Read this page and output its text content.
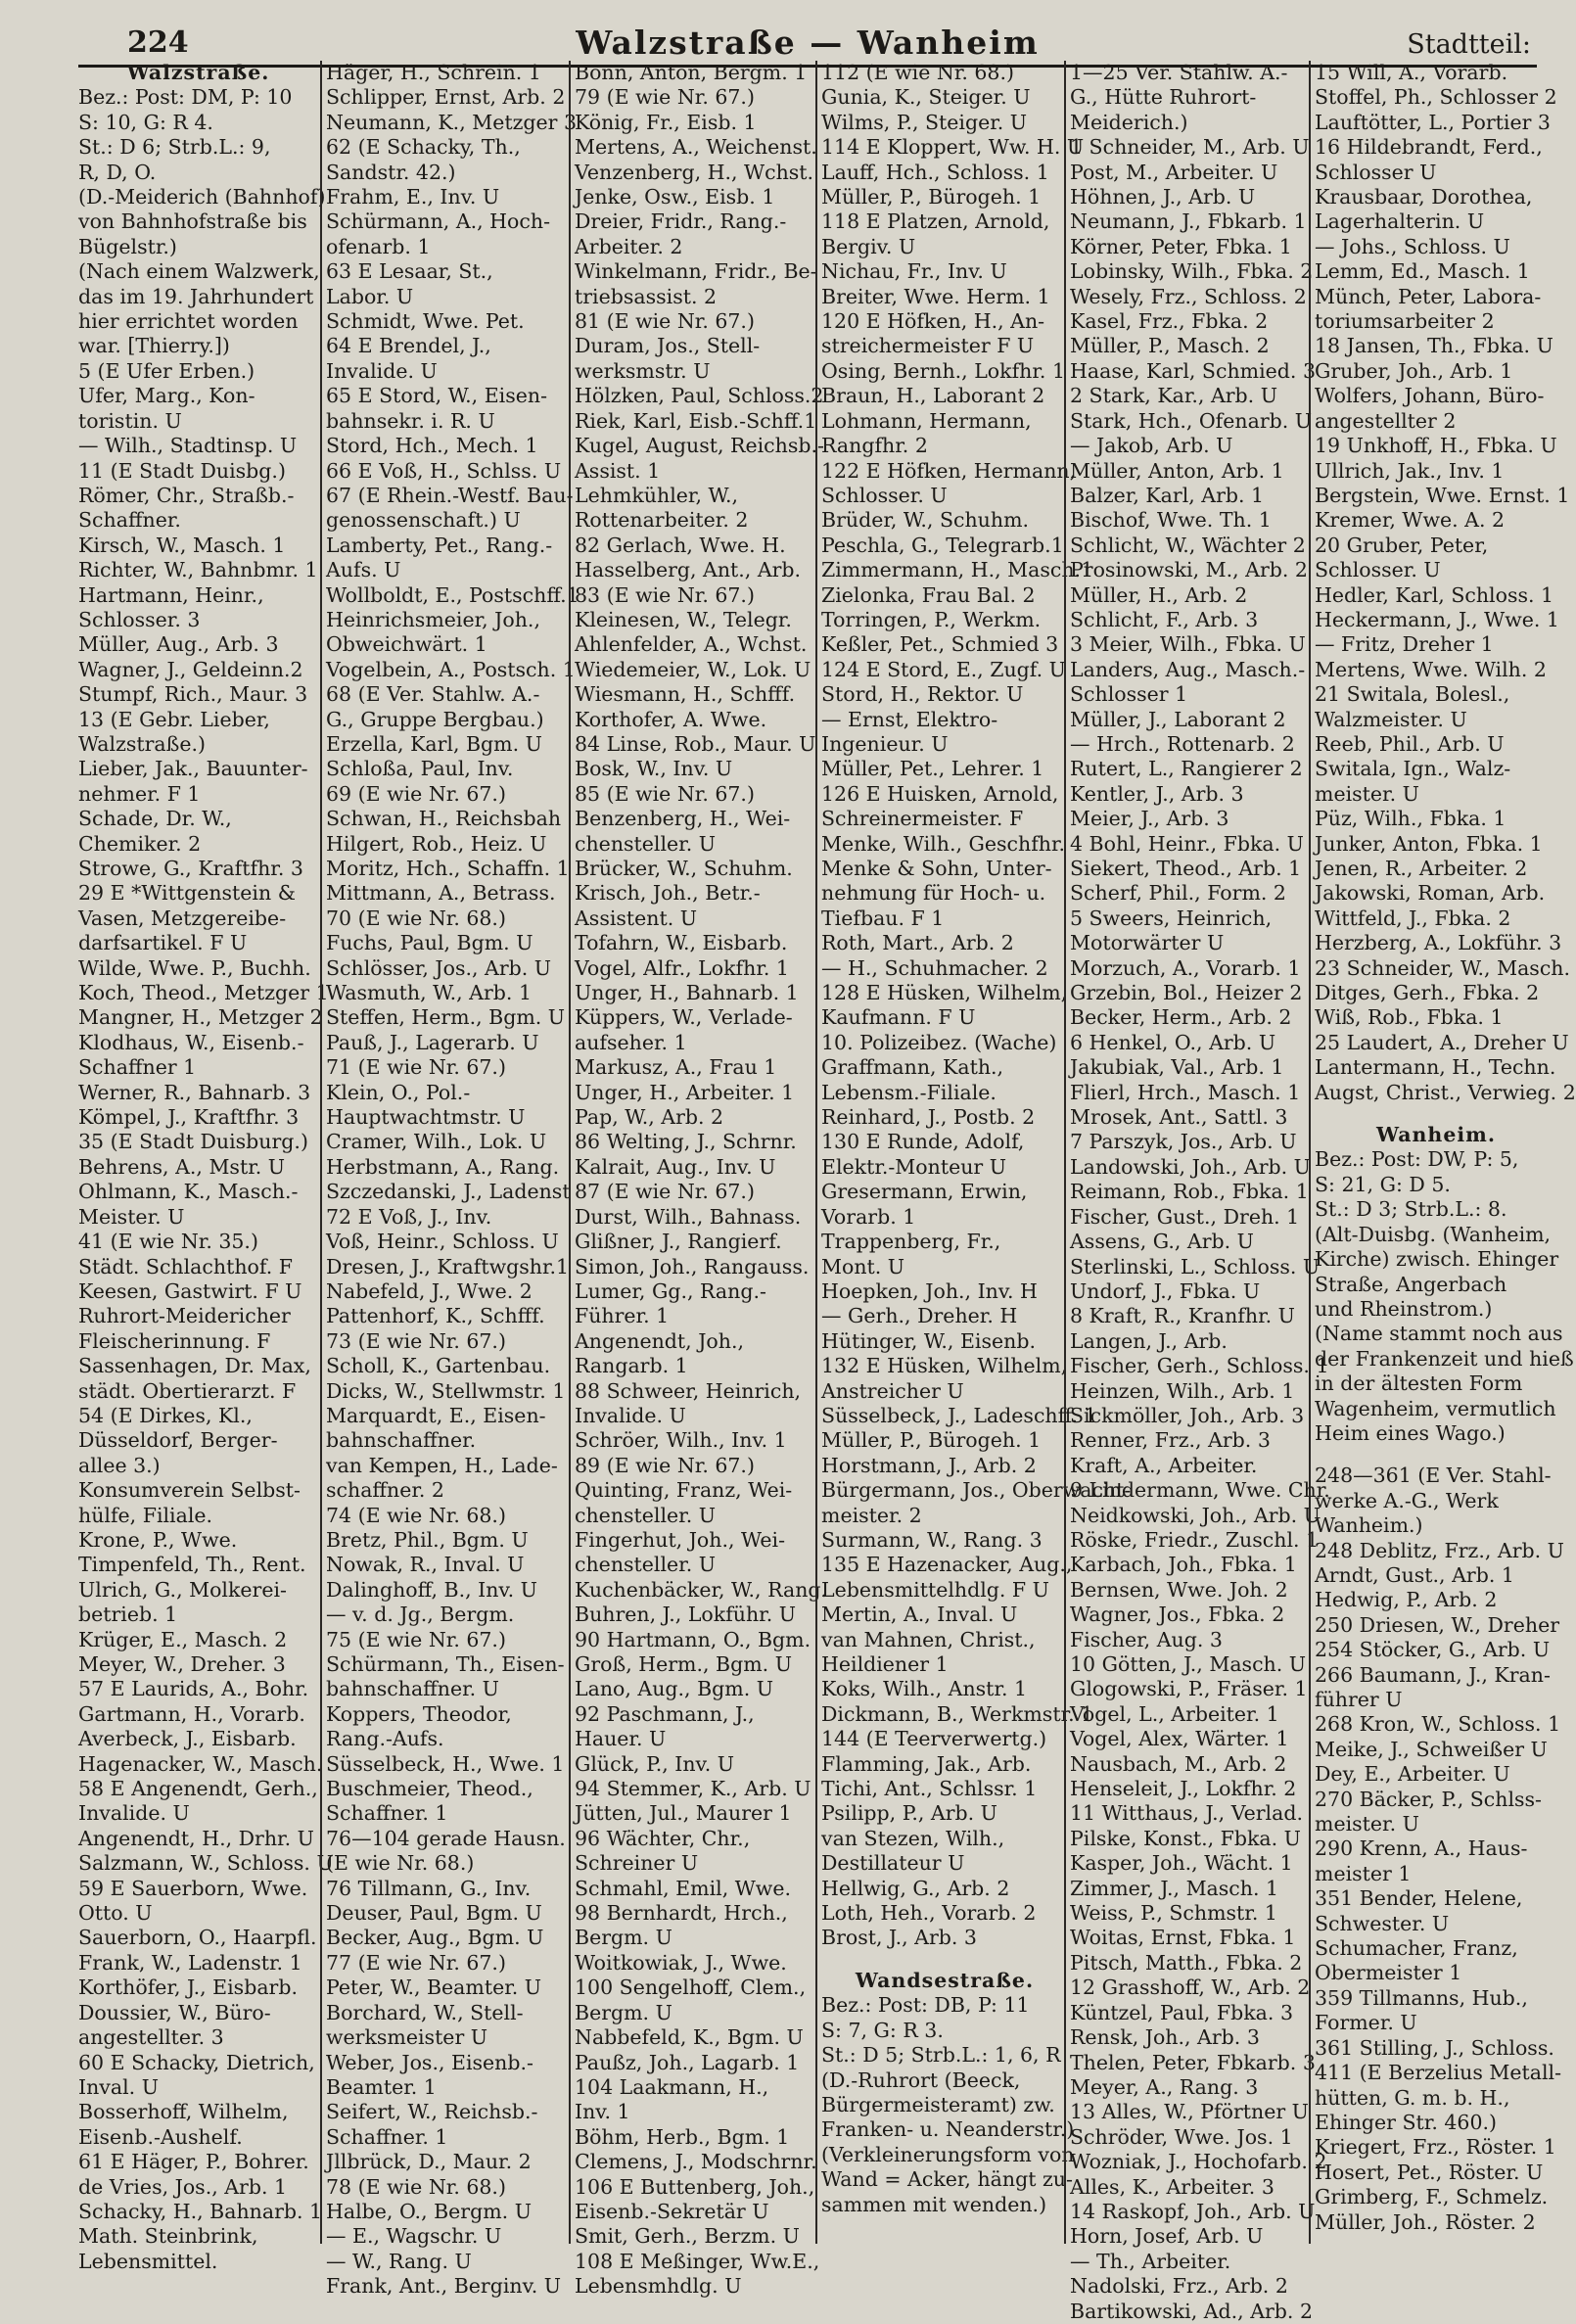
224	Walzstraße — Wanheim	Stadtteil:
Walzstraße.
Bez.: Post: DM, P: 10
S: 10, G: R 4.
St.: D 6; Strb.L.: 9,
R, D, O.
(D.-Meiderich (Bahnhof)
von Bahnhofstraße bis
Bügelstr.)
(Nach einem Walzwerk,
das im 19. Jahrhundert
hier errichtet worden
war. [Thierry.])
5 (E Ufer Erben.)
Ufer, Marg., Kon-
toristin. U
— Wilh., Stadtinsp. U
11 (E Stadt Duisbg.)
Römer, Chr., Straßb.-
Schaffner.
Kirsch, W., Masch. 1
Richter, W., Bahnbmr. 1
Hartmann, Heinr.,
Schlosser. 3
Müller, Aug., Arb. 3
Wagner, J., Geldeinn.2
Stumpf, Rich., Maur. 3
13 (E Gebr. Lieber,
Walzstraße.)
Lieber, Jak., Bauunter-
nehmer. F 1
Schade, Dr. W.,
Chemiker. 2
Strowe, G., Kraftfhr. 3
29 E *Wittgenstein &
Vasen, Metzgereibe-
darfsartikel. F U
Wilde, Wwe. P., Buchh.
Koch, Theod., Metzger 1
Mangner, H., Metzger 2
Klodhaus, W., Eisenb.-
Schaffner 1
Werner, R., Bahnarb. 3
Kömpel, J., Kraftfhr. 3
35 (E Stadt Duisburg.)
Behrens, A., Mstr. U
Ohlmann, K., Masch.-
Meister. U
41 (E wie Nr. 35.)
Städt. Schlachthof. F
Keesen, Gastwirt. F U
Ruhrort-Meidericher
Fleischerinnung. F
Sassenhagen, Dr. Max,
städt. Obertierarzt. F
54 (E Dirkes, Kl.,
Düsseldorf, Berger-
allee 3.)
Konsumverein Selbst-
hülfe, Filiale.
Krone, P., Wwe.
Timpenfeld, Th., Rent.
Ulrich, G., Molkerei-
betrieb. 1
Krüger, E., Masch. 2
Meyer, W., Dreher. 3
57 E Laurids, A., Bohr.
Gartmann, H., Vorarb.
Averbeck, J., Eisbarb.
Hagenacker, W., Masch.
58 E Angenendt, Gerh.,
Invalide. U
Angenendt, H., Drhr. U
Salzmann, W., Schloss. U
59 E Sauerborn, Wwe.
Otto. U
Sauerborn, O., Haarpfl.
Frank, W., Ladenstr. 1
Korthöfer, J., Eisbarb.
Doussier, W., Büro-
angestellter. 3
60 E Schacky, Dietrich,
Inval. U
Bosserhoff, Wilhelm,
Eisenb.-Aushelf.
61 E Häger, P., Bohrer.
de Vries, Jos., Arb. 1
Schacky, H., Bahnarb. 1
Math. Steinbrink,
Lebensmittel.
Häger, H., Schrein. 1
Schlipper, Ernst, Arb. 2
Neumann, K., Metzger 3
62 (E Schacky, Th.,
Sandstr. 42.)
Frahm, E., Inv. U
Schürmann, A., Hoch-
ofenarb. 1
63 E Lesaar, St.,
Labor. U
Schmidt, Wwe. Pet.
64 E Brendel, J.,
Invalide. U
65 E Stord, W., Eisen-
bahnsekr. i. R. U
Stord, Hch., Mech. 1
66 E Voß, H., Schlss. U
67 (E Rhein.-Westf. Bau-
genossenschaft.) U
Lamberty, Pet., Rang.-
Aufs. U
Wollboldt, E., Postschff.1
Heinrichsmeier, Joh.,
Obweichwärt. 1
Vogelbein, A., Postsch. 1
68 (E Ver. Stahlw. A.-
G., Gruppe Bergbau.)
Erzella, Karl, Bgm. U
Schloßa, Paul, Inv.
69 (E wie Nr. 67.)
Schwan, H., Reichsbah
Hilgert, Rob., Heiz. U
Moritz, Hch., Schaffn. 1
Mittmann, A., Betrass.
70 (E wie Nr. 68.)
Fuchs, Paul, Bgm. U
Schlösser, Jos., Arb. U
Wasmuth, W., Arb. 1
Steffen, Herm., Bgm. U
Pauß, J., Lagerarb. U
71 (E wie Nr. 67.)
Klein, O., Pol.-
Hauptwachtmstr. U
Cramer, Wilh., Lok. U
Herbstmann, A., Rang.
Szczedanski, J., Ladenst
72 E Voß, J., Inv.
Voß, Heinr., Schloss. U
Dresen, J., Kraftwgshr.1
Nabefeld, J., Wwe. 2
Pattenhorf, K., Schfff.
73 (E wie Nr. 67.)
Scholl, K., Gartenbau.
Dicks, W., Stellwmstr. 1
Marquardt, E., Eisen-
bahnschaffner.
van Kempen, H., Lade-
schaffner. 2
74 (E wie Nr. 68.)
Bretz, Phil., Bgm. U
Nowak, R., Inval. U
Dalinghoff, B., Inv. U
— v. d. Jg., Bergm.
75 (E wie Nr. 67.)
Schürmann, Th., Eisen-
bahnschaffner. U
Koppers, Theodor,
Rang.-Aufs.
Süsselbeck, H., Wwe. 1
Buschmeier, Theod.,
Schaffner. 1
76—104 gerade Hausn.
(E wie Nr. 68.)
76 Tillmann, G., Inv.
Deuser, Paul, Bgm. U
Becker, Aug., Bgm. U
77 (E wie Nr. 67.)
Peter, W., Beamter. U
Borchard, W., Stell-
werksmeister U
Weber, Jos., Eisenb.-
Beamter. 1
Seifert, W., Reichsb.-
Schaffner. 1
Jllbrück, D., Maur. 2
78 (E wie Nr. 68.)
Halbe, O., Bergm. U
— E., Wagschr. U
— W., Rang. U
Frank, Ant., Berginv. U
Bonn, Anton, Bergm. 1
79 (E wie Nr. 67.)
König, Fr., Eisb. 1
Mertens, A., Weichenst.
Venzenberg, H., Wchst.
Jenke, Osw., Eisb. 1
Dreier, Fridr., Rang.-
Arbeiter. 2
Winkelmann, Fridr., Be-
triebsassist. 2
81 (E wie Nr. 67.)
Duram, Jos., Stell-
werksmstr. U
Hölzken, Paul, Schloss.2
Riek, Karl, Eisb.-Schff.1
Kugel, August, Reichsb.-
Assist. 1
Lehmkühler, W.,
Rottenarbeiter. 2
82 Gerlach, Wwe. H.
Hasselberg, Ant., Arb.
83 (E wie Nr. 67.)
Kleinesen, W., Telegr.
Ahlenfelder, A., Wchst.
Wiedemeier, W., Lok. U
Wiesmann, H., Schfff.
Korthofer, A. Wwe.
84 Linse, Rob., Maur. U
Bosk, W., Inv. U
85 (E wie Nr. 67.)
Benzenberg, H., Wei-
chensteller. U
Brücker, W., Schuhm.
Krisch, Joh., Betr.-
Assistent. U
Tofahrn, W., Eisbarb.
Vogel, Alfr., Lokfhr. 1
Unger, H., Bahnarb. 1
Küppers, W., Verlade-
aufseher. 1
Markusz, A., Frau 1
Unger, H., Arbeiter. 1
Pap, W., Arb. 2
86 Welting, J., Schrnr.
Kalrait, Aug., Inv. U
87 (E wie Nr. 67.)
Durst, Wilh., Bahnass.
Glißner, J., Rangierf.
Simon, Joh., Rangauss.
Lumer, Gg., Rang.-
Führer. 1
Angenendt, Joh.,
Rangarb. 1
88 Schweer, Heinrich,
Invalide. U
Schröer, Wilh., Inv. 1
89 (E wie Nr. 67.)
Quinting, Franz, Wei-
chensteller. U
Fingerhut, Joh., Wei-
chensteller. U
Kuchenbäcker, W., Rang.
Buhren, J., Lokführ. U
90 Hartmann, O., Bgm.
Groß, Herm., Bgm. U
Lano, Aug., Bgm. U
92 Paschmann, J.,
Hauer. U
Glück, P., Inv. U
94 Stemmer, K., Arb. U
Jütten, Jul., Maurer 1
96 Wächter, Chr.,
Schreiner U
Schmahl, Emil, Wwe.
98 Bernhardt, Hrch.,
Bergm. U
Woitkowiak, J., Wwe.
100 Sengelhoff, Clem.,
Bergm. U
Nabbefeld, K., Bgm. U
Paußz, Joh., Lagarb. 1
104 Laakmann, H.,
Inv. 1
Böhm, Herb., Bgm. 1
Clemens, J., Modschrnr.
106 E Buttenberg, Joh.,
Eisenb.-Sekretär U
Smit, Gerh., Berzm. U
108 E Meßinger, Ww.E.,
Lebensmhdlg. U
112 (E wie Nr. 68.)
Gunia, K., Steiger. U
Wilms, P., Steiger. U
114 E Kloppert, Ww. H. U
Lauff, Hch., Schloss. 1
Müller, P., Bürogeh. 1
118 E Platzen, Arnold,
Bergiv. U
Nichau, Fr., Inv. U
Breiter, Wwe. Herm. 1
120 E Höfken, H., An-
streichermeister F U
Osing, Bernh., Lokfhr. 1
Braun, H., Laborant 2
Lohmann, Hermann,
Rangfhr. 2
122 E Höfken, Hermann,
Schlosser. U
Brüder, W., Schuhm.
Peschla, G., Telegrarb.1
Zimmermann, H., Masch.1
Zielonka, Frau Bal. 2
Torringen, P., Werkm.
Keßler, Pet., Schmied 3
124 E Stord, E., Zugf. U
Stord, H., Rektor. U
— Ernst, Elektro-
Ingenieur. U
Müller, Pet., Lehrer. 1
126 E Huisken, Arnold,
Schreinermeister. F
Menke, Wilh., Geschfhr.
Menke & Sohn, Unter-
nehmung für Hoch- u.
Tiefbau. F 1
Roth, Mart., Arb. 2
— H., Schuhmacher. 2
128 E Hüsken, Wilhelm,
Kaufmann. F U
10. Polizeibez. (Wache)
Graffmann, Kath.,
Lebensm.-Filiale.
Reinhard, J., Postb. 2
130 E Runde, Adolf,
Elektr.-Monteur U
Gresermann, Erwin,
Vorarb. 1
Trappenberg, Fr.,
Mont. U
Hoepken, Joh., Inv. H
— Gerh., Dreher. H
Hütinger, W., Eisenb.
132 E Hüsken, Wilhelm,
Anstreicher U
Süsselbeck, J., Ladeschff. 1
Müller, P., Bürogeh. 1
Horstmann, J., Arb. 2
Bürgermann, Jos., Oberwacht-
meister. 2
Surmann, W., Rang. 3
135 E Hazenacker, Aug.,
Lebensmittelhdlg. F U
Mertin, A., Inval. U
van Mahnen, Christ.,
Heildiener 1
Koks, Wilh., Anstr. 1
Dickmann, B., Werkmstr. 1
144 (E Teerverwertg.)
Flamming, Jak., Arb.
Tichi, Ant., Schlssr. 1
Psilipp, P., Arb. U
van Stezen, Wilh.,
Destillateur U
Hellwig, G., Arb. 2
Loth, Heh., Vorarb. 2
Brost, J., Arb. 3
Wandsestraße.
Bez.: Post: DB, P: 11
S: 7, G: R 3.
St.: D 5; Strb.L.: 1, 6, R
(D.-Ruhrort (Beeck,
Bürgermeisteramt) zw.
Franken- u. Neanderstr.)
(Verkleinerungsform von
Wand = Acker, hängt zu-
sammen mit wenden.)
1—25 Ver. Stahlw. A.-
G., Hütte Ruhrort-
Meiderich.)
1 Schneider, M., Arb. U
Post, M., Arbeiter. U
Höhnen, J., Arb. U
Neumann, J., Fbkarb. 1
Körner, Peter, Fbka. 1
Lobinsky, Wilh., Fbka. 2
Wesely, Frz., Schloss. 2
Kasel, Frz., Fbka. 2
Müller, P., Masch. 2
Haase, Karl, Schmied. 3
2 Stark, Kar., Arb. U
Stark, Hch., Ofenarb. U
— Jakob, Arb. U
Müller, Anton, Arb. 1
Balzer, Karl, Arb. 1
Bischof, Wwe. Th. 1
Schlicht, W., Wächter 2
Prosinowski, M., Arb. 2
Müller, H., Arb. 2
Schlicht, F., Arb. 3
3 Meier, Wilh., Fbka. U
Landers, Aug., Masch.-
Schlosser 1
Müller, J., Laborant 2
— Hrch., Rottenarb. 2
Rutert, L., Rangierer 2
Kentler, J., Arb. 3
Meier, J., Arb. 3
4 Bohl, Heinr., Fbka. U
Siekert, Theod., Arb. 1
Scherf, Phil., Form. 2
5 Sweers, Heinrich,
Motorwärter U
Morzuch, A., Vorarb. 1
Grzebin, Bol., Heizer 2
Becker, Herm., Arb. 2
6 Henkel, O., Arb. U
Jakubiak, Val., Arb. 1
Flierl, Hrch., Masch. 1
Mrosek, Ant., Sattl. 3
7 Parszyk, Jos., Arb. U
Landowski, Joh., Arb. U
Reimann, Rob., Fbka. 1
Fischer, Gust., Dreh. 1
Assens, G., Arb. U
Sterlinski, L., Schloss. U
Undorf, J., Fbka. U
8 Kraft, R., Kranfhr. U
Langen, J., Arb.
Fischer, Gerh., Schloss. 1
Heinzen, Wilh., Arb. 1
Sickmöller, Joh., Arb. 3
Renner, Frz., Arb. 3
Kraft, A., Arbeiter.
9 Lindermann, Wwe. Chr.
Neidkowski, Joh., Arb. U
Röske, Friedr., Zuschl. 1
Karbach, Joh., Fbka. 1
Bernsen, Wwe. Joh. 2
Wagner, Jos., Fbka. 2
Fischer, Aug. 3
10 Götten, J., Masch. U
Glogowski, P., Fräser. 1
Vogel, L., Arbeiter. 1
Vogel, Alex, Wärter. 1
Nausbach, M., Arb. 2
Henseleit, J., Lokfhr. 2
11 Witthaus, J., Verlad.
Pilske, Konst., Fbka. U
Kasper, Joh., Wächt. 1
Zimmer, J., Masch. 1
Weiss, P., Schmstr. 1
Woitas, Ernst, Fbka. 1
Pitsch, Matth., Fbka. 2
12 Grasshoff, W., Arb. 2
Küntzel, Paul, Fbka. 3
Rensk, Joh., Arb. 3
Thelen, Peter, Fbkarb. 3
Meyer, A., Rang. 3
13 Alles, W., Pförtner U
Schröder, Wwe. Jos. 1
Wozniak, J., Hochofarb. 2
Alles, K., Arbeiter. 3
14 Raskopf, Joh., Arb. U
Horn, Josef, Arb. U
— Th., Arbeiter.
Nadolski, Frz., Arb. 2
Bartikowski, Ad., Arb. 2
15 Will, A., Vorarb.
Stoffel, Ph., Schlosser 2
Lauftötter, L., Portier 3
16 Hildebrandt, Ferd.,
Schlosser U
Krausbaar, Dorothea,
Lagerhalterin. U
— Johs., Schloss. U
Lemm, Ed., Masch. 1
Münch, Peter, Labora-
toriumsarbeiter 2
18 Jansen, Th., Fbka. U
Gruber, Joh., Arb. 1
Wolfers, Johann, Büro-
angestellter 2
19 Unkhoff, H., Fbka. U
Ullrich, Jak., Inv. 1
Bergstein, Wwe. Ernst. 1
Kremer, Wwe. A. 2
20 Gruber, Peter,
Schlosser. U
Hedler, Karl, Schloss. 1
Heckermann, J., Wwe. 1
— Fritz, Dreher 1
Mertens, Wwe. Wilh. 2
21 Switala, Bolesl.,
Walzmeister. U
Reeb, Phil., Arb. U
Switala, Ign., Walz-
meister. U
Püz, Wilh., Fbka. 1
Junker, Anton, Fbka. 1
Jenen, R., Arbeiter. 2
Jakowski, Roman, Arb.
Wittfeld, J., Fbka. 2
Herzberg, A., Lokführ. 3
23 Schneider, W., Masch.
Ditges, Gerh., Fbka. 2
Wiß, Rob., Fbka. 1
25 Laudert, A., Dreher U
Lantermann, H., Techn.
Augst, Christ., Verwieg. 2
Wanheim.
Bez.: Post: DW, P: 5,
S: 21, G: D 5.
St.: D 3; Strb.L.: 8.
(Alt-Duisbg. (Wanheim,
Kirche) zwisch. Ehinger
Straße, Angerbach
und Rheinstrom.)
(Name stammt noch aus
der Frankenzeit und hieß
in der ältesten Form
Wagenheim, vermutlich
Heim eines Wago.)
248—361 (E Ver. Stahl-
werke A.-G., Werk
Wanheim.)
248 Deblitz, Frz., Arb. U
Arndt, Gust., Arb. 1
Hedwig, P., Arb. 2
250 Driesen, W., Dreher
254 Stöcker, G., Arb. U
266 Baumann, J., Kran-
führer U
268 Kron, W., Schloss. 1
Meike, J., Schweißer U
Dey, E., Arbeiter. U
270 Bäcker, P., Schlss-
meister. U
290 Krenn, A., Haus-
meister 1
351 Bender, Helene,
Schwester. U
Schumacher, Franz,
Obermeister 1
359 Tillmanns, Hub.,
Former. U
361 Stilling, J., Schloss.
411 (E Berzelius Metall-
hütten, G. m. b. H.,
Ehinger Str. 460.)
Kriegert, Frz., Röster. 1
Hosert, Pet., Röster. U
Grimberg, F., Schmelz.
Müller, Joh., Röster. 2
